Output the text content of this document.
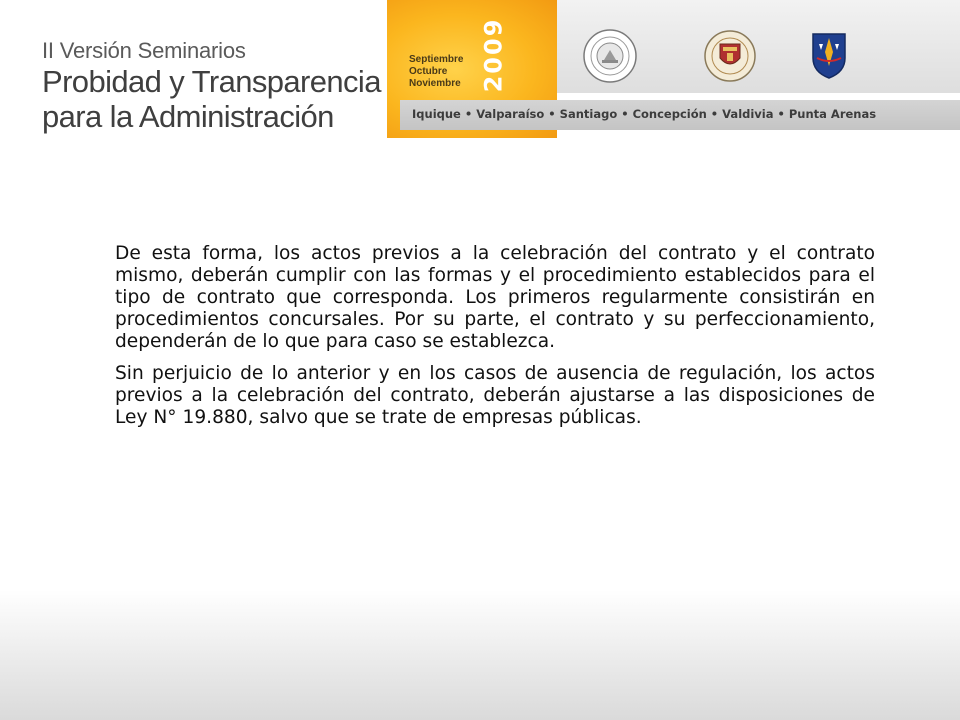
II Versión Seminarios
Probidad y Transparencia
para la Administración
Septiembre
Octubre
Noviembre 2009
Iquique • Valparaíso • Santiago • Concepción • Valdivia • Punta Arenas

De esta forma, los actos previos a la celebración del contrato y el contrato mismo, deberán cumplir con las formas y el procedimiento establecidos para el tipo de contrato que corresponda. Los primeros regularmente consistirán en procedimientos concursales. Por su parte, el contrato y su perfeccionamiento, dependerán de lo que para caso se establezca.

Sin perjuicio de lo anterior y en los casos de ausencia de regulación, los actos previos a la celebración del contrato, deberán ajustarse a las disposiciones de Ley N° 19.880, salvo que se trate de empresas públicas.
